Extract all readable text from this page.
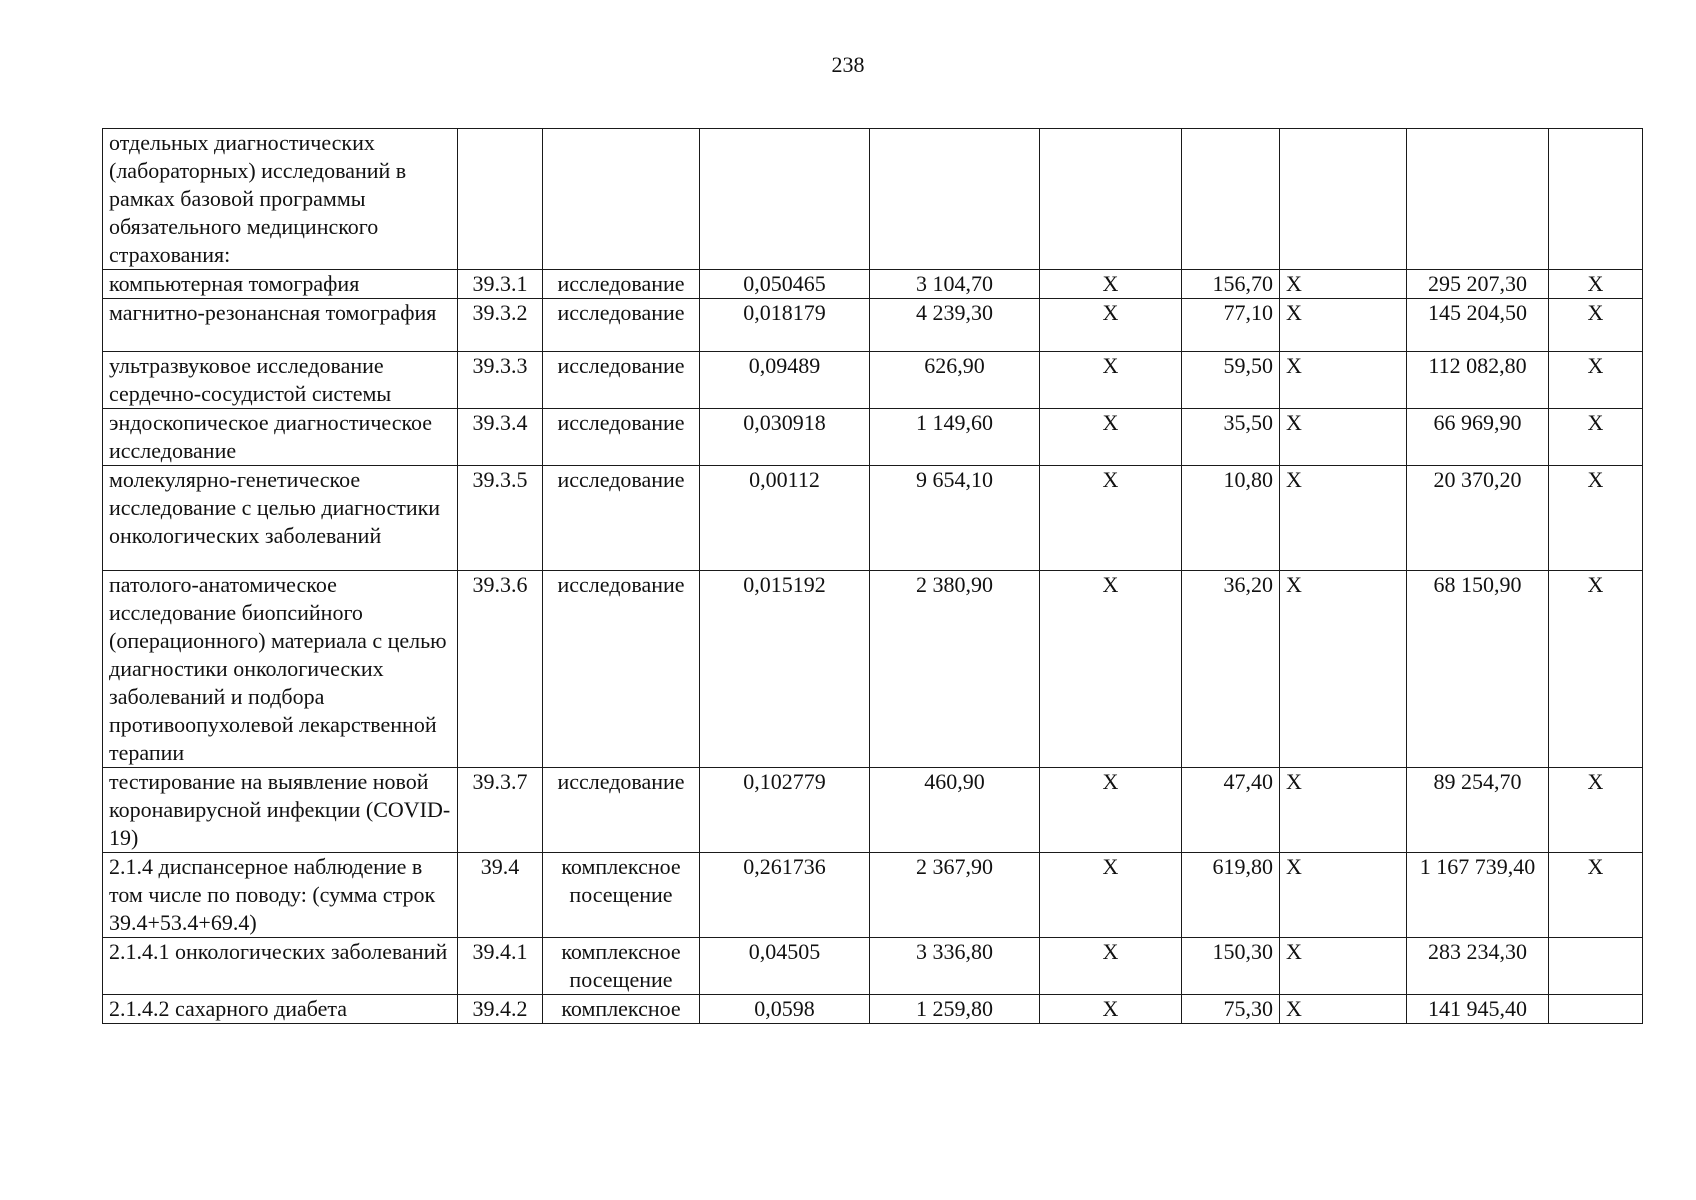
238
отдельных диагностических (лабораторных) исследований в рамках базовой программы обязательного медицинского страхования:									
компьютерная томография	39.3.1	исследование	0,050465	3 104,70	Х	156,70	Х	295 207,30	Х
магнитно-резонансная томография	39.3.2	исследование	0,018179	4 239,30	Х	77,10	Х	145 204,50	Х
ультразвуковое исследование сердечно-сосудистой системы	39.3.3	исследование	0,09489	626,90	Х	59,50	Х	112 082,80	Х
эндоскопическое диагностическое исследование	39.3.4	исследование	0,030918	1 149,60	Х	35,50	Х	66 969,90	Х
молекулярно-генетическое исследование с целью диагностики онкологических заболеваний	39.3.5	исследование	0,00112	9 654,10	Х	10,80	Х	20 370,20	Х
патолого-анатомическое исследование биопсийного (операционного) материала с целью диагностики онкологических заболеваний и подбора противоопухолевой лекарственной терапии	39.3.6	исследование	0,015192	2 380,90	Х	36,20	Х	68 150,90	Х
тестирование на выявление новой коронавирусной инфекции (COVID-19)	39.3.7	исследование	0,102779	460,90	Х	47,40	Х	89 254,70	Х
2.1.4 диспансерное наблюдение в том числе по поводу: (сумма строк 39.4+53.4+69.4)	39.4	комплексное посещение	0,261736	2 367,90	Х	619,80	Х	1 167 739,40	Х
2.1.4.1 онкологических заболеваний	39.4.1	комплексное посещение	0,04505	3 336,80	Х	150,30	Х	283 234,30	
2.1.4.2 сахарного диабета	39.4.2	комплексное	0,0598	1 259,80	Х	75,30	Х	141 945,40	
